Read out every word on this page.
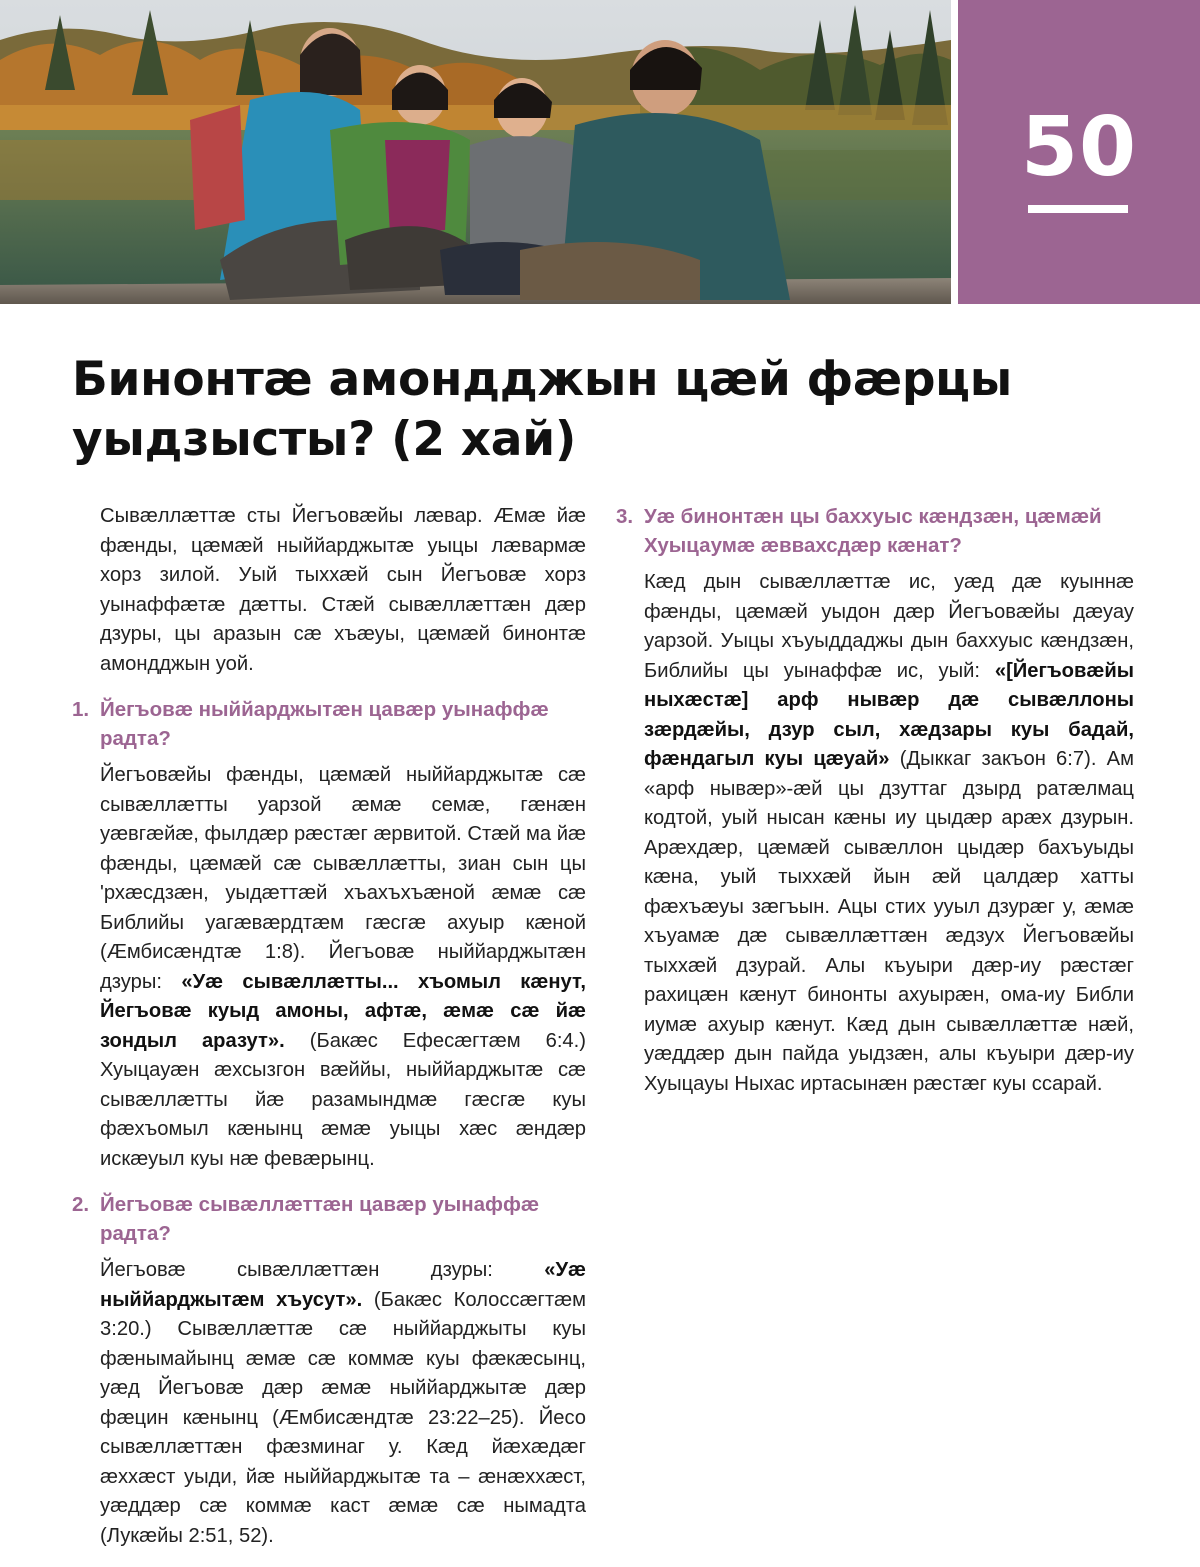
50
Бинонтæ амондджын цæй фæрцы уыдзысты? (2 хай)

Сывæллæттæ сты Йегъовæйы лæвар. Æмæ йæ фæнды, цæмæй ныййарджытæ уыцы лæвармæ хорз зилой. Уый тыххæй сын Йегъовæ хорз уынаффæтæ дæтты. Стæй сывæллæттæн дæр дзуры, цы аразын сæ хъæуы, цæмæй бинонтæ амондджын уой.

1. Йегъовæ ныййарджытæн цавæр уынаффæ радта?

Йегъовæйы фæнды, цæмæй ныййарджытæ сæ сывæллæтты уарзой æмæ семæ, гæнæн уæвгæйæ, фылдæр рæстæг æрвитой. Стæй ма йæ фæнды, цæмæй сæ сывæллæтты, зиан сын цы 'рхæсдзæн, уыдæттæй хъахъхъæной æмæ сæ Библийы уагæвæрдтæм гæсгæ ахуыр кæной (Æмбисæндтæ 1:8). Йегъовæ ныййарджытæн дзуры: «Уæ сывæллæтты... хъомыл кæнут, Йегъовæ куыд амоны, афтæ, æмæ сæ йæ зондыл аразут». (Бакæс Ефесæгтæм 6:4.) Хуыцауæн æхсызгон вæййы, ныййарджытæ сæ сывæллæтты йæ разамындмæ гæсгæ куы фæхъомыл кæнынц æмæ уыцы хæс æндæр искæуыл куы нæ февæрынц.

2. Йегъовæ сывæллæттæн цавæр уынаффæ радта?

Йегъовæ сывæллæттæн дзуры:	«Уæ ныййарджытæм хъусут». (Бакæс Колоссæгтæм 3:20.) Сывæллæттæ сæ ныййарджыты куы фæнымайынц æмæ сæ коммæ куы фæкæсынц, уæд Йегъовæ дæр æмæ ныййарджытæ дæр фæцин кæнынц (Æмбисæндтæ 23:22–25). Йесо сывæллæттæн фæзминаг у. Кæд йæхæдæг æххæст уыди, йæ ныййарджытæ та – æнæххæст, уæддæр сæ коммæ каст æмæ сæ нымадта (Лукæйы 2:51, 52).

3. Уæ бинонтæн цы баххуыс кæндзæн, цæмæй Хуыцаумæ æввахсдæр кæнат?

Кæд дын сывæллæттæ ис, уæд дæ куыннæ фæнды, цæмæй уыдон дæр Йегъовæйы дæуау уарзой. Уыцы хъуыддаджы дын баххуыс кæндзæн, Библийы цы уынаффæ ис, уый: «[Йегъовæйы ныхæстæ] арф нывæр дæ сывæллоны зæрдæйы, дзур сыл, хæдзары куы бадай, фæндагыл куы цæуай» (Дыккаг закъон 6:7). Ам «арф нывæр»-æй цы дзуттаг дзырд ратæлмац кодтой, уый нысан кæны иу цыдæр арæх дзурын. Арæхдæр, цæмæй сывæллон цыдæр бахъуыды кæна, уый тыххæй йын æй цалдæр хатты фæхъæуы зæгъын. Ацы стих ууыл дзурæг у, æмæ хъуамæ дæ сывæллæттæн æдзух Йегъовæйы тыххæй дзурай. Алы къуыри дæр-иу рæстæг рахицæн кæнут бинонты ахуырæн, ома-иу Библи иумæ ахуыр кæнут. Кæд дын сывæллæттæ нæй, уæддæр дын пайда уыдзæн, алы къуыри дæр-иу Хуыцауы Ныхас иртасынæн рæстæг куы ссарай.
